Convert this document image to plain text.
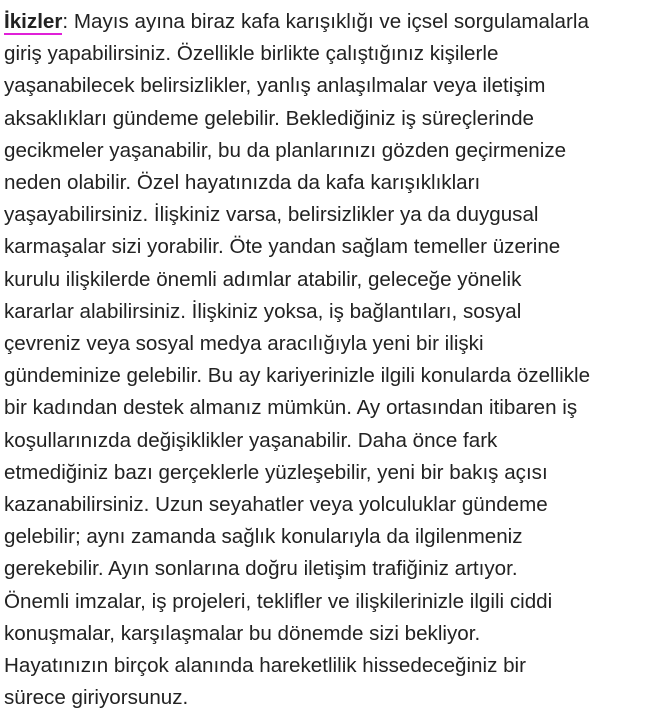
İkizler: Mayıs ayına biraz kafa karışıklığı ve içsel sorgulamalarla
giriş yapabilirsiniz. Özellikle birlikte çalıştığınız kişilerle
yaşanabilecek belirsizlikler, yanlış anlaşılmalar veya iletişim
aksaklıkları gündeme gelebilir. Beklediğiniz iş süreçlerinde
gecikmeler yaşanabilir, bu da planlarınızı gözden geçirmenize
neden olabilir. Özel hayatınızda da kafa karışıklıkları
yaşayabilirsiniz. İlişkiniz varsa, belirsizlikler ya da duygusal
karmaşalar sizi yorabilir. Öte yandan sağlam temeller üzerine
kurulu ilişkilerde önemli adımlar atabilir, geleceğe yönelik
kararlar alabilirsiniz. İlişkiniz yoksa, iş bağlantıları, sosyal
çevreniz veya sosyal medya aracılığıyla yeni bir ilişki
gündeminize gelebilir. Bu ay kariyerinizle ilgili konularda özellikle
bir kadından destek almanız mümkün. Ay ortasından itibaren iş
koşullarınızda değişiklikler yaşanabilir. Daha önce fark
etmediğiniz bazı gerçeklerle yüzleşebilir, yeni bir bakış açısı
kazanabilirsiniz. Uzun seyahatler veya yolculuklar gündeme
gelebilir; aynı zamanda sağlık konularıyla da ilgilenmeniz
gerekebilir. Ayın sonlarına doğru iletişim trafiğiniz artıyor.
Önemli imzalar, iş projeleri, teklifler ve ilişkilerinizle ilgili ciddi
konuşmalar, karşılaşmalar bu dönemde sizi bekliyor.
Hayatınızın birçok alanında hareketlilik hissedeceğiniz bir
sürece giriyorsunuz.
